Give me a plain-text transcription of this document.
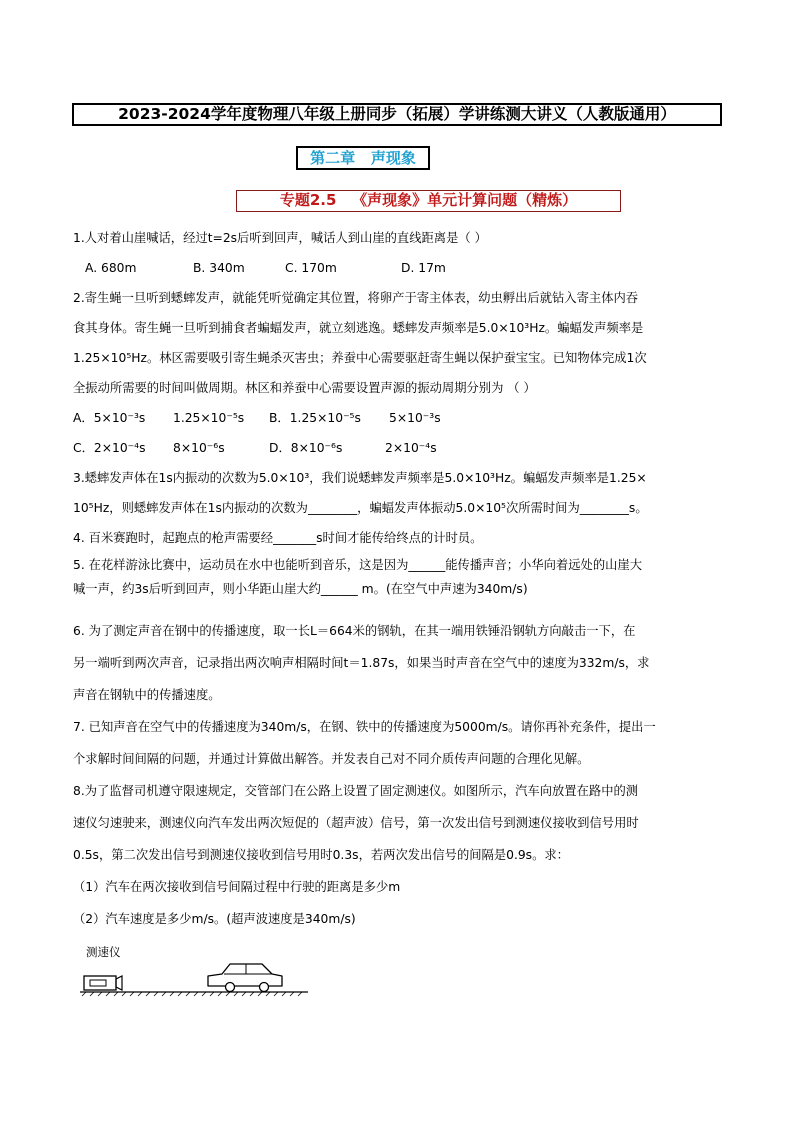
2023-2024学年度物理八年级上册同步（拓展）学讲练测大讲义（人教版通用）
第二章   声现象
专题2.5   《声现象》单元计算问题（精炼）

1.人对着山崖喊话，经过t=2s后听到回声，喊话人到山崖的直线距离是（ ）

A. 680m	B. 340m	C. 170m	D. 17m

2.寄生蝇一旦听到蟋蟀发声，就能凭听觉确定其位置，将卵产于寄主体表，幼虫孵出后就钻入寄主体内吞

食其身体。寄生蝇一旦听到捕食者蝙蝠发声，就立刻逃逸。蟋蟀发声频率是5.0×10³Hz。蝙蝠发声频率是

1.25×10⁵Hz。林区需要吸引寄生蝇杀灭害虫；养蚕中心需要驱赶寄生蝇以保护蚕宝宝。已知物体完成1次

全振动所需要的时间叫做周期。林区和养蚕中心需要设置声源的振动周期分别为 （ ）

A．5×10⁻³s 1.25×10⁻⁵s B．1.25×10⁻⁵s 5×10⁻³s

C．2×10⁻⁴s 8×10⁻⁶s	D．8×10⁻⁶s	2×10⁻⁴s

3.蟋蟀发声体在1s内振动的次数为5.0×10³，我们说蟋蟀发声频率是5.0×10³Hz。蝙蝠发声频率是1.25×

10⁵Hz，则蟋蟀发声体在1s内振动的次数为________，蝙蝠发声体振动5.0×10⁵次所需时间为________s。

4. 百米赛跑时，起跑点的枪声需要经_______s时间才能传给终点的计时员。

5. 在花样游泳比赛中，运动员在水中也能听到音乐，这是因为______能传播声音；小华向着远处的山崖大

喊一声，约3s后听到回声，则小华距山崖大约______ m。(在空气中声速为340m/s)

6. 为了测定声音在钢中的传播速度，取一长L＝664米的钢轨，在其一端用铁锤沿钢轨方向敲击一下，在

另一端听到两次声音，记录指出两次响声相隔时间t＝1.87s，如果当时声音在空气中的速度为332m/s，求

声音在钢轨中的传播速度。

7. 已知声音在空气中的传播速度为340m/s，在钢、铁中的传播速度为5000m/s。请你再补充条件，提出一

个求解时间间隔的问题，并通过计算做出解答。并发表自己对不同介质传声问题的合理化见解。

8.为了监督司机遵守限速规定，交管部门在公路上设置了固定测速仪。如图所示，汽车向放置在路中的测

速仪匀速驶来，测速仪向汽车发出两次短促的（超声波）信号，第一次发出信号到测速仪接收到信号用时

0.5s，第二次发出信号到测速仪接收到信号用时0.3s，若两次发出信号的间隔是0.9s。求：

（1）汽车在两次接收到信号间隔过程中行驶的距离是多少m

（2）汽车速度是多少m/s。(超声波速度是340m/s)

测速仪
